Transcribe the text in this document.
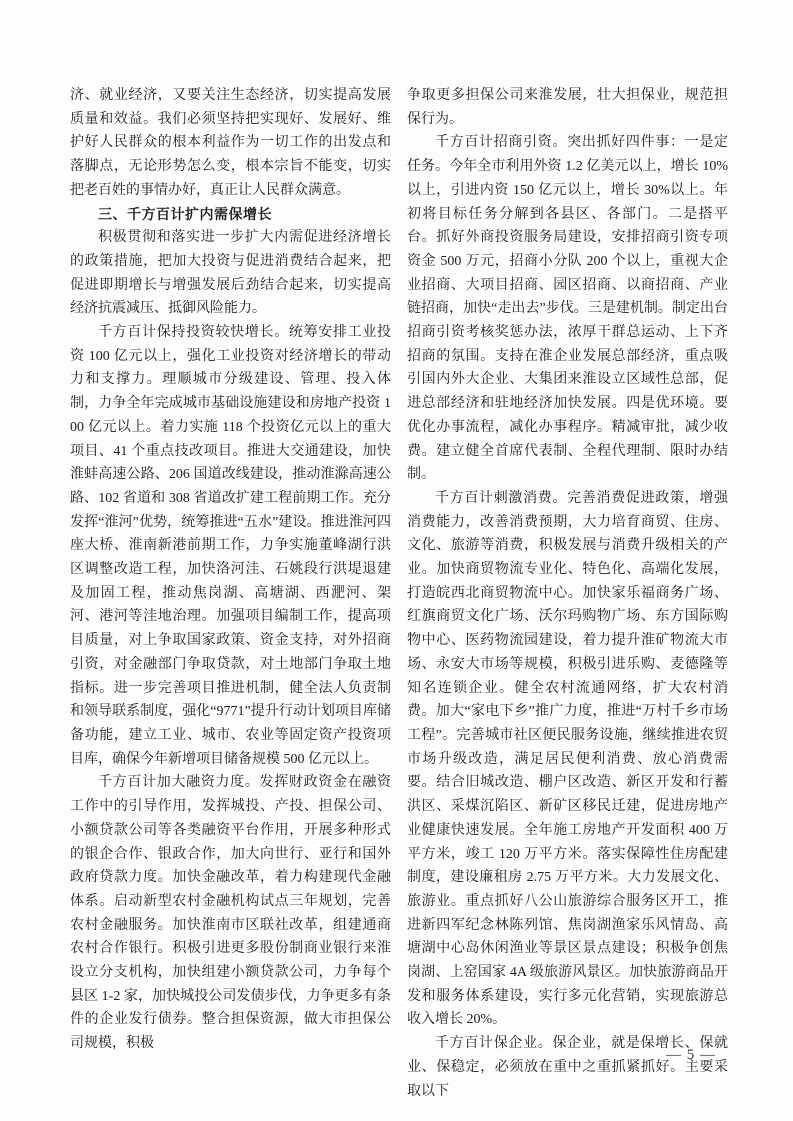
济、就业经济，又要关注生态经济，切实提高发展质量和效益。我们必须坚持把实现好、发展好、维护好人民群众的根本利益作为一切工作的出发点和落脚点，无论形势怎么变，根本宗旨不能变，切实把老百姓的事情办好，真正让人民群众满意。

三、千方百计扩内需保增长

积极贯彻和落实进一步扩大内需促进经济增长的政策措施，把加大投资与促进消费结合起来，把促进即期增长与增强发展后劲结合起来，切实提高经济抗震减压、抵御风险能力。

千方百计保持投资较快增长。统筹安排工业投资 100 亿元以上，强化工业投资对经济增长的带动力和支撑力。理顺城市分级建设、管理、投入体制，力争全年完成城市基础设施建设和房地产投资 100 亿元以上。着力实施 118 个投资亿元以上的重大项目、41 个重点技改项目。推进大交通建设，加快淮蚌高速公路、206 国道改线建设，推动淮滁高速公路、102 省道和 308 省道改扩建工程前期工作。充分发挥“淮河”优势，统筹推进“五水”建设。推进淮河四座大桥、淮南新港前期工作，力争实施董峰湖行洪区调整改造工程，加快洛河洼、石姚段行洪堤退建及加固工程，推动焦岗湖、高塘湖、西淝河、架河、港河等洼地治理。加强项目编制工作，提高项目质量，对上争取国家政策、资金支持，对外招商引资，对金融部门争取贷款，对土地部门争取土地指标。进一步完善项目推进机制，健全法人负责制和领导联系制度，强化“9771”提升行动计划项目库储备功能，建立工业、城市、农业等固定资产投资项目库，确保今年新增项目储备规模 500 亿元以上。

千方百计加大融资力度。发挥财政资金在融资工作中的引导作用，发挥城投、产投、担保公司、小额贷款公司等各类融资平台作用，开展多种形式的银企合作、银政合作，加大向世行、亚行和国外政府贷款力度。加快金融改革，着力构建现代金融体系。启动新型农村金融机构试点三年规划，完善农村金融服务。加快淮南市区联社改革，组建通商农村合作银行。积极引进更多股份制商业银行来淮设立分支机构，加快组建小额贷款公司，力争每个县区 1-2 家，加快城投公司发债步伐，力争更多有条件的企业发行债券。整合担保资源，做大市担保公司规模，积极

争取更多担保公司来淮发展，壮大担保业，规范担保行为。

千方百计招商引资。突出抓好四件事：一是定任务。今年全市利用外资 1.2 亿美元以上，增长 10%以上，引进内资 150 亿元以上，增长 30%以上。年初将目标任务分解到各县区、各部门。二是搭平台。抓好外商投资服务局建设，安排招商引资专项资金 500 万元，招商小分队 200 个以上，重视大企业招商、大项目招商、园区招商、以商招商、产业链招商，加快“走出去”步伐。三是建机制。制定出台招商引资考核奖惩办法，浓厚干群总运动、上下齐招商的氛围。支持在淮企业发展总部经济，重点吸引国内外大企业、大集团来淮设立区域性总部，促进总部经济和驻地经济加快发展。四是优环境。要优化办事流程，减化办事程序。精减审批，减少收费。建立健全首席代表制、全程代理制、限时办结制。

千方百计刺激消费。完善消费促进政策，增强消费能力，改善消费预期，大力培育商贸、住房、文化、旅游等消费，积极发展与消费升级相关的产业。加快商贸物流专业化、特色化、高端化发展，打造皖西北商贸物流中心。加快家乐福商务广场、红旗商贸文化广场、沃尔玛购物广场、东方国际购物中心、医药物流园建设，着力提升淮矿物流大市场、永安大市场等规模，积极引进乐购、麦德隆等知名连锁企业。健全农村流通网络，扩大农村消费。加大“家电下乡”推广力度，推进“万村千乡市场工程”。完善城市社区便民服务设施，继续推进农贸市场升级改造，满足居民便利消费、放心消费需要。结合旧城改造、棚户区改造、新区开发和行蓄洪区、采煤沉陷区、新矿区移民迁建，促进房地产业健康快速发展。全年施工房地产开发面积 400 万平方米，竣工 120 万平方米。落实保障性住房配建制度，建设廉租房 2.75 万平方米。大力发展文化、旅游业。重点抓好八公山旅游综合服务区开工，推进新四军纪念林陈列馆、焦岗湖渔家乐风情岛、高塘湖中心岛休闲渔业等景区景点建设；积极争创焦岗湖、上窑国家 4A 级旅游风景区。加快旅游商品开发和服务体系建设，实行多元化营销，实现旅游总收入增长 20%。

千方百计保企业。保企业，就是保增长、保就业、保稳定，必须放在重中之重抓紧抓好。主要采取以下

— 5 —
